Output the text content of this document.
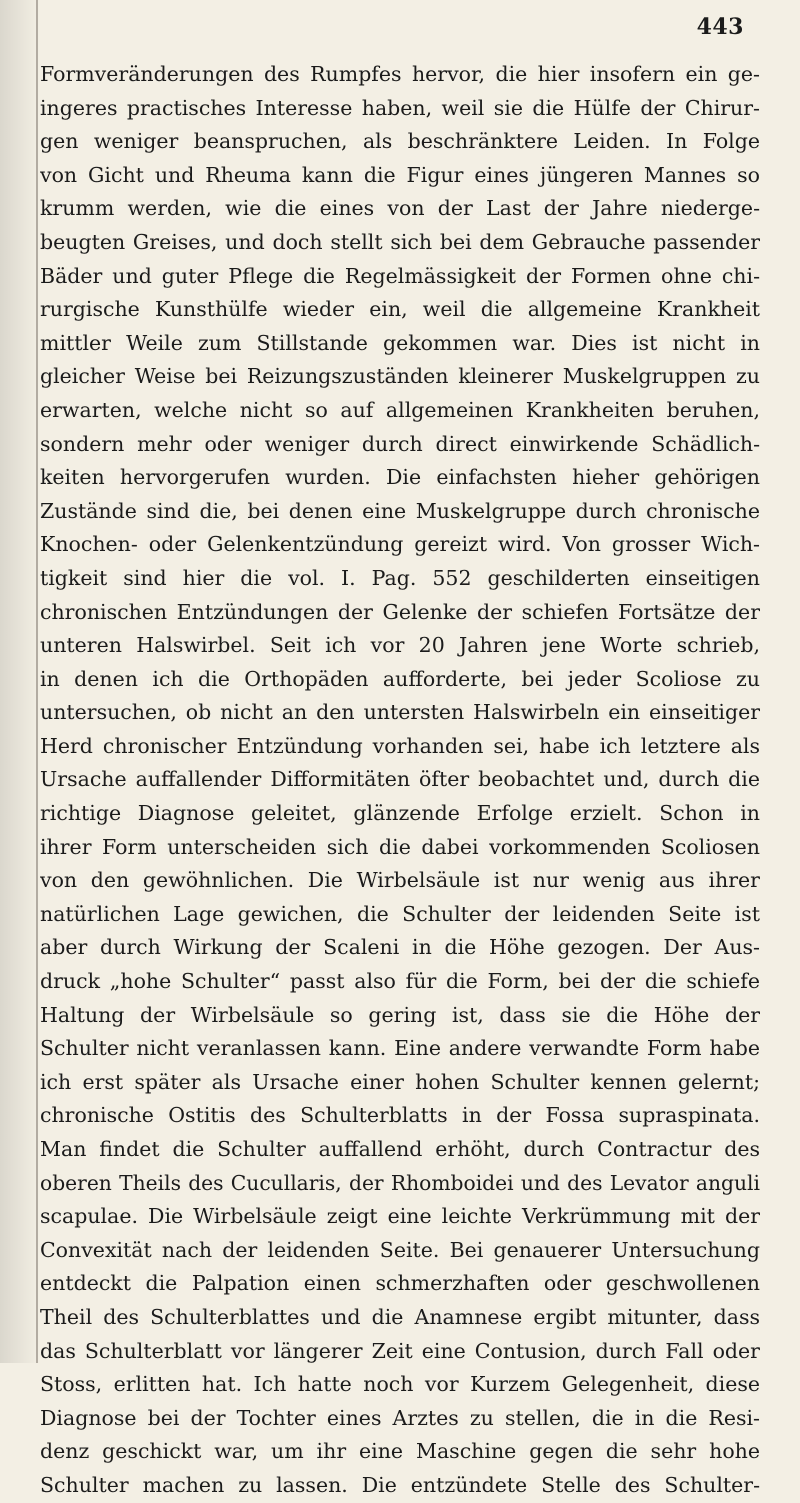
443
Formveränderungen des Rumpfes hervor, die hier insofern ein ge-
ingeres practisches Interesse haben, weil sie die Hülfe der Chirur-
gen weniger beanspruchen, als beschränktere Leiden. In Folge
von Gicht und Rheuma kann die Figur eines jüngeren Mannes so
krumm werden, wie die eines von der Last der Jahre niederge-
beugten Greises, und doch stellt sich bei dem Gebrauche passender
Bäder und guter Pflege die Regelmässigkeit der Formen ohne chi-
rurgische Kunsthülfe wieder ein, weil die allgemeine Krankheit
mittler Weile zum Stillstande gekommen war. Dies ist nicht in
gleicher Weise bei Reizungszuständen kleinerer Muskelgruppen zu
erwarten, welche nicht so auf allgemeinen Krankheiten beruhen,
sondern mehr oder weniger durch direct einwirkende Schädlich-
keiten hervorgerufen wurden. Die einfachsten hieher gehörigen
Zustände sind die, bei denen eine Muskelgruppe durch chronische
Knochen- oder Gelenkentzündung gereizt wird. Von grosser Wich-
tigkeit sind hier die vol. I. Pag. 552 geschilderten einseitigen
chronischen Entzündungen der Gelenke der schiefen Fortsätze der
unteren Halswirbel. Seit ich vor 20 Jahren jene Worte schrieb,
in denen ich die Orthopäden aufforderte, bei jeder Scoliose zu
untersuchen, ob nicht an den untersten Halswirbeln ein einseitiger
Herd chronischer Entzündung vorhanden sei, habe ich letztere als
Ursache auffallender Difformitäten öfter beobachtet und, durch die
richtige Diagnose geleitet, glänzende Erfolge erzielt. Schon in
ihrer Form unterscheiden sich die dabei vorkommenden Scoliosen
von den gewöhnlichen. Die Wirbelsäule ist nur wenig aus ihrer
natürlichen Lage gewichen, die Schulter der leidenden Seite ist
aber durch Wirkung der Scaleni in die Höhe gezogen. Der Aus-
druck „hohe Schulter“ passt also für die Form, bei der die schiefe
Haltung der Wirbelsäule so gering ist, dass sie die Höhe der
Schulter nicht veranlassen kann. Eine andere verwandte Form habe
ich erst später als Ursache einer hohen Schulter kennen gelernt;
chronische Ostitis des Schulterblatts in der Fossa supraspinata.
Man findet die Schulter auffallend erhöht, durch Contractur des
oberen Theils des Cucullaris, der Rhomboidei und des Levator anguli
scapulae. Die Wirbelsäule zeigt eine leichte Verkrümmung mit der
Convexität nach der leidenden Seite. Bei genauerer Untersuchung
entdeckt die Palpation einen schmerzhaften oder geschwollenen
Theil des Schulterblattes und die Anamnese ergibt mitunter, dass
das Schulterblatt vor längerer Zeit eine Contusion, durch Fall oder
Stoss, erlitten hat. Ich hatte noch vor Kurzem Gelegenheit, diese
Diagnose bei der Tochter eines Arztes zu stellen, die in die Resi-
denz geschickt war, um ihr eine Maschine gegen die sehr hohe
Schulter machen zu lassen. Die entzündete Stelle des Schulter-
